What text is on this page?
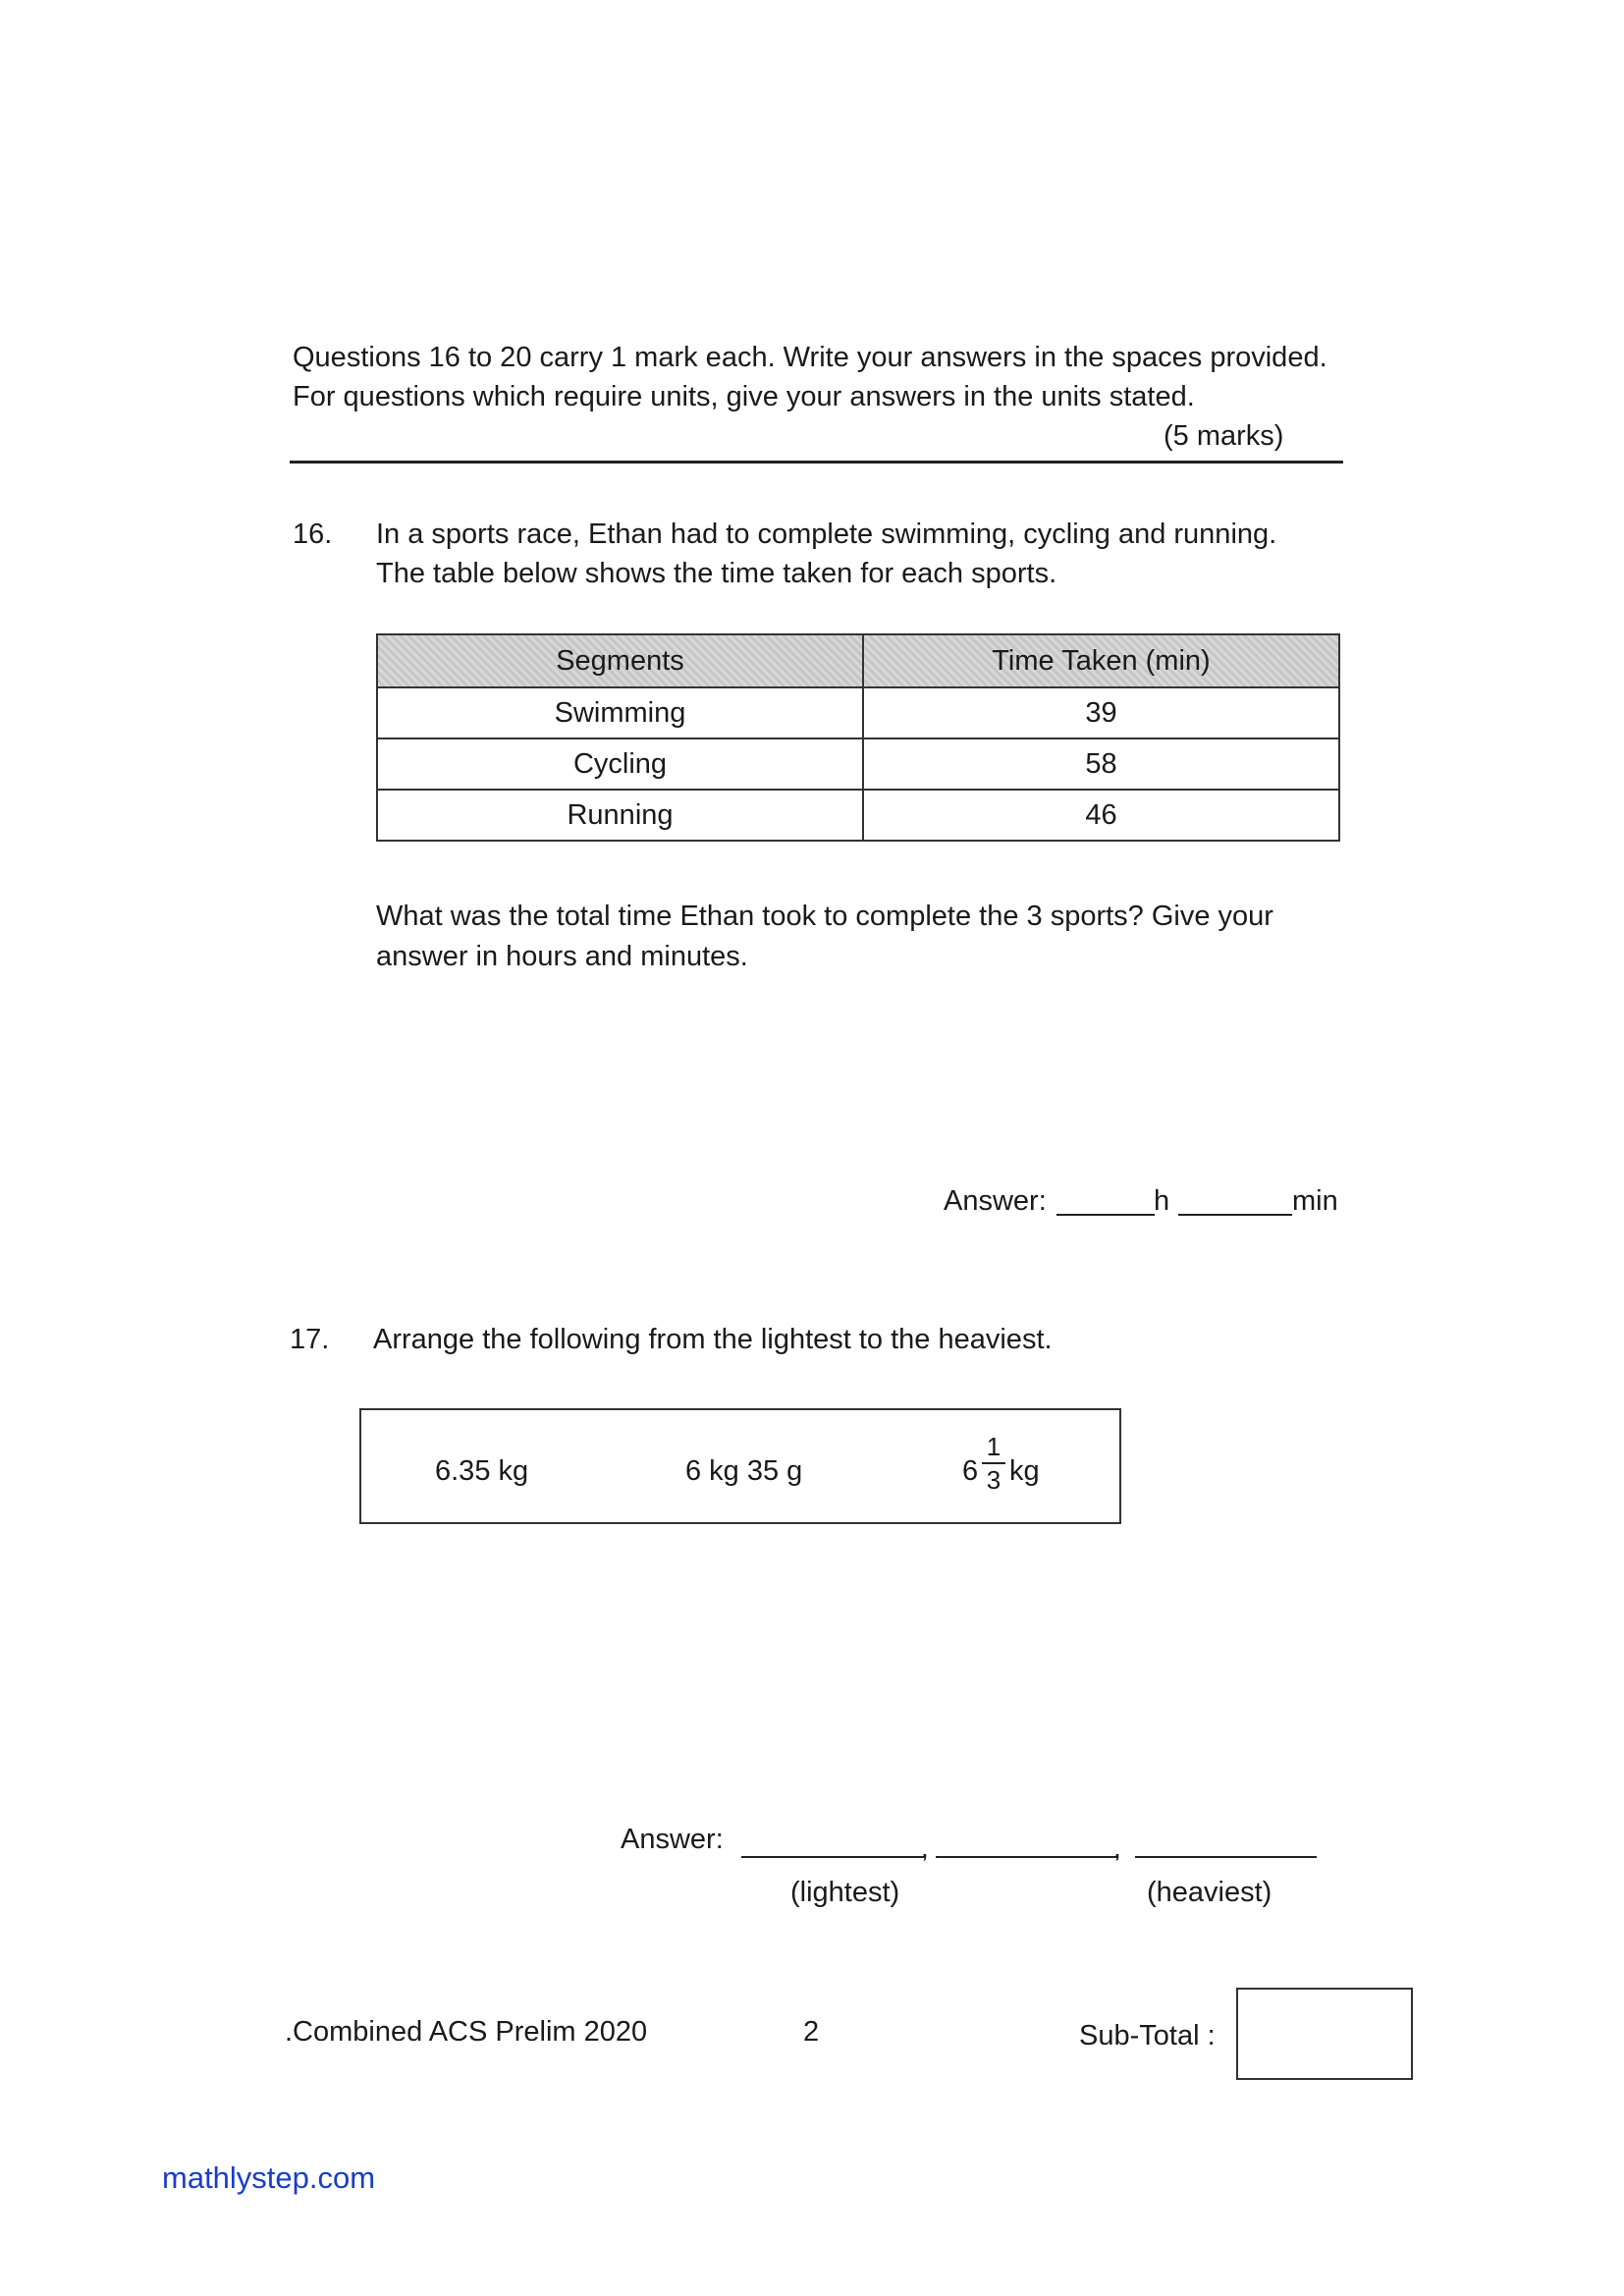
Questions 16 to 20 carry 1 mark each. Write your answers in the spaces provided.
For questions which require units, give your answers in the units stated.
(5 marks)
16. In a sports race, Ethan had to complete swimming, cycling and running.
The table below shows the time taken for each sports.
Segments	Time Taken (min)
Swimming	39
Cycling	58
Running	46
What was the total time Ethan took to complete the 3 sports? Give your
answer in hours and minutes.
Answer:	h	min
17. Arrange the following from the lightest to the heaviest.
6.35 kg	6 kg 35 g	6
1
3 kg
Answer:	,	,
(lightest)	(heaviest)
.Combined ACS Prelim 2020	2	Sub-Total :
mathlystep.com
